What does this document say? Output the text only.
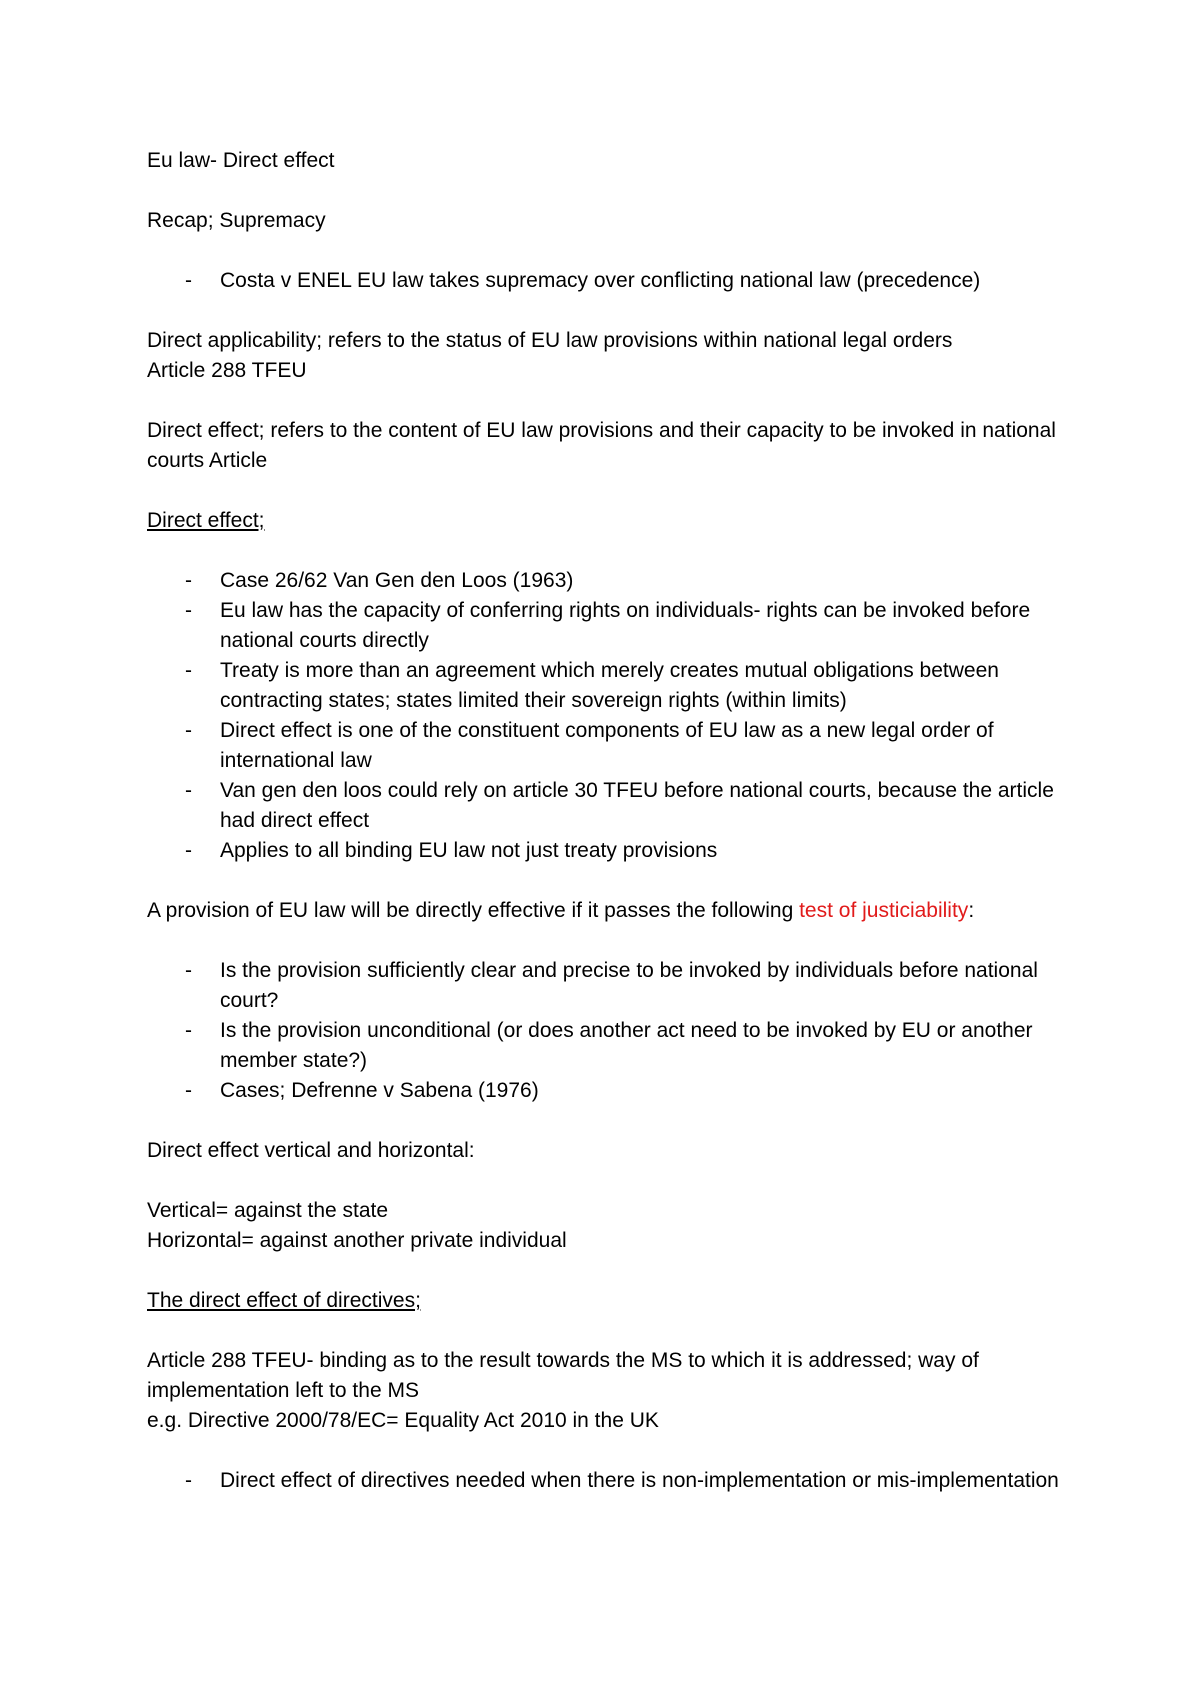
Eu law- Direct effect

Recap; Supremacy

- Costa v ENEL EU law takes supremacy over conflicting national law (precedence)

Direct applicability; refers to the status of EU law provisions within national legal orders

Article 288 TFEU

Direct effect; refers to the content of EU law provisions and their capacity to be invoked in national courts Article

Direct effect;

- Case 26/62 Van Gen den Loos (1963)
- Eu law has the capacity of conferring rights on individuals- rights can be invoked before national courts directly
- Treaty is more than an agreement which merely creates mutual obligations between contracting states; states limited their sovereign rights (within limits)
- Direct effect is one of the constituent components of EU law as a new legal order of international law
- Van gen den loos could rely on article 30 TFEU before national courts, because the article had direct effect
- Applies to all binding EU law not just treaty provisions

A provision of EU law will be directly effective if it passes the following test of justiciability:

- Is the provision sufficiently clear and precise to be invoked by individuals before national court?
- Is the provision unconditional (or does another act need to be invoked by EU or another member state?)
- Cases; Defrenne v Sabena (1976)

Direct effect vertical and horizontal:

Vertical= against the state

Horizontal= against another private individual

The direct effect of directives;

Article 288 TFEU- binding as to the result towards the MS to which it is addressed; way of implementation left to the MS

e.g. Directive 2000/78/EC= Equality Act 2010 in the UK

- Direct effect of directives needed when there is non-implementation or mis-implementation
